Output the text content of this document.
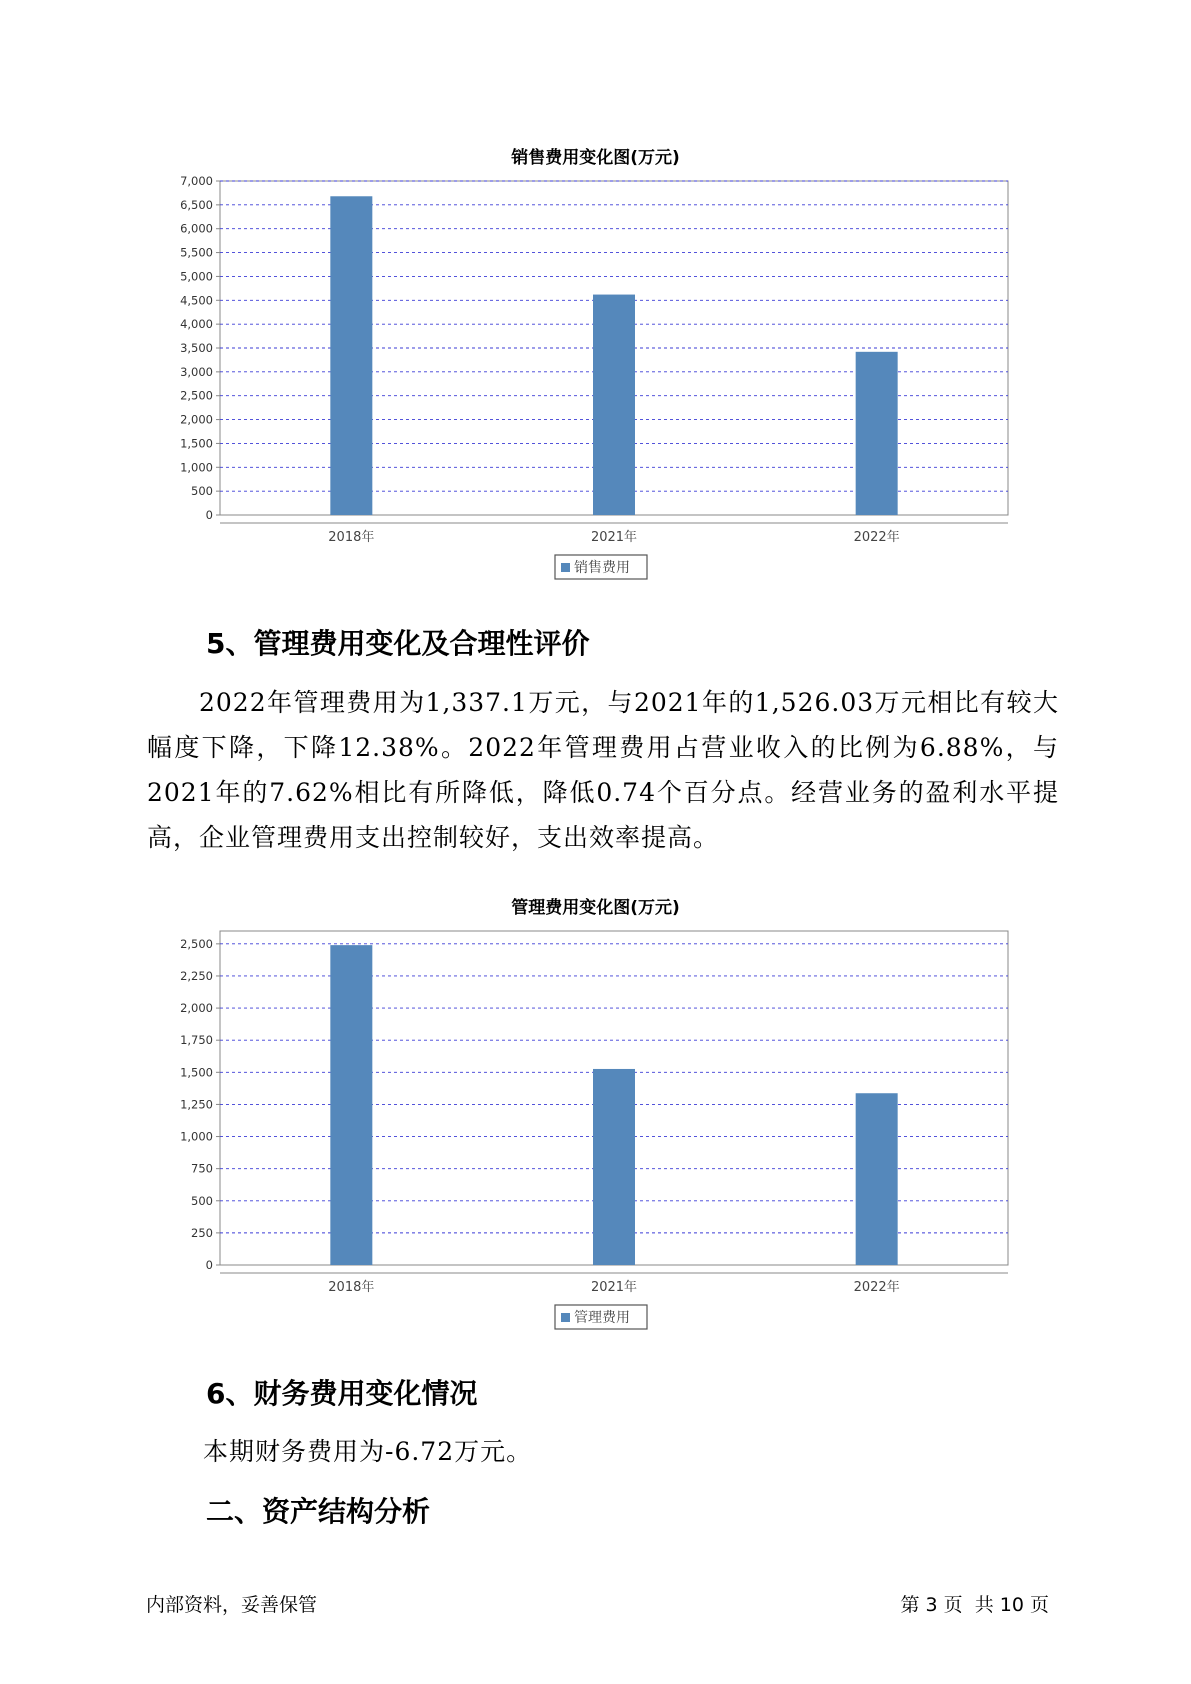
销售费用变化图(万元)
0
500
1,000
1,500
2,000
2,500
3,000
3,500
4,000
4,500
5,000
5,500
6,000
6,500
7,000
2018年	2021年	2022年
销售费用
5、管理费用变化及合理性评价
2022年管理费用为1,337.1万元，与2021年的1,526.03万元相比有较大幅度下降，下降12.38%。2022年管理费用占营业收入的比例为6.88%，与2021年的7.62%相比有所降低，降低0.74个百分点。经营业务的盈利水平提高，企业管理费用支出控制较好，支出效率提高。
管理费用变化图(万元)
0
250
500
750
1,000
1,250
1,500
1,750
2,000
2,250
2,500
2018年	2021年	2022年
管理费用
6、财务费用变化情况
本期财务费用为-6.72万元。
二、资产结构分析
内部资料，妥善保管	第 3 页  共 10 页
